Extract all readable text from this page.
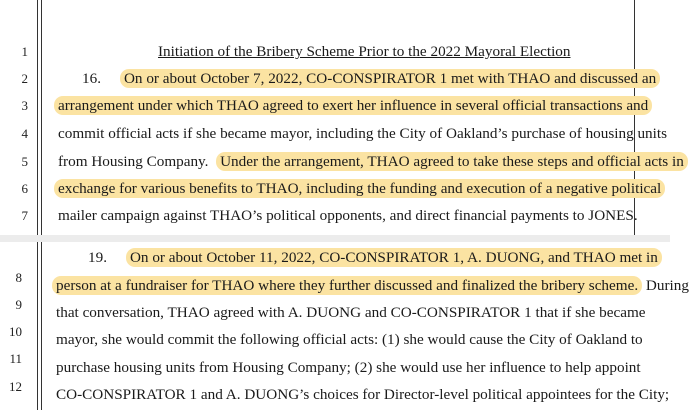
1
2
3
4
5
6
7
Initiation of the Bribery Scheme Prior to the 2022 Mayoral Election
16. On or about October 7, 2022, CO-CONSPIRATOR 1 met with THAO and discussed an
arrangement under which THAO agreed to exert her influence in several official transactions and
commit official acts if she became mayor, including the City of Oakland’s purchase of housing units
from Housing Company. Under the arrangement, THAO agreed to take these steps and official acts in
exchange for various benefits to THAO, including the funding and execution of a negative political
mailer campaign against THAO’s political opponents, and direct financial payments to JONES.
8
9
10
11
12
19. On or about October 11, 2022, CO-CONSPIRATOR 1, A. DUONG, and THAO met in
person at a fundraiser for THAO where they further discussed and finalized the bribery scheme. During
that conversation, THAO agreed with A. DUONG and CO-CONSPIRATOR 1 that if she became
mayor, she would commit the following official acts: (1) she would cause the City of Oakland to
purchase housing units from Housing Company; (2) she would use her influence to help appoint
CO-CONSPIRATOR 1 and A. DUONG’s choices for Director-level political appointees for the City;
